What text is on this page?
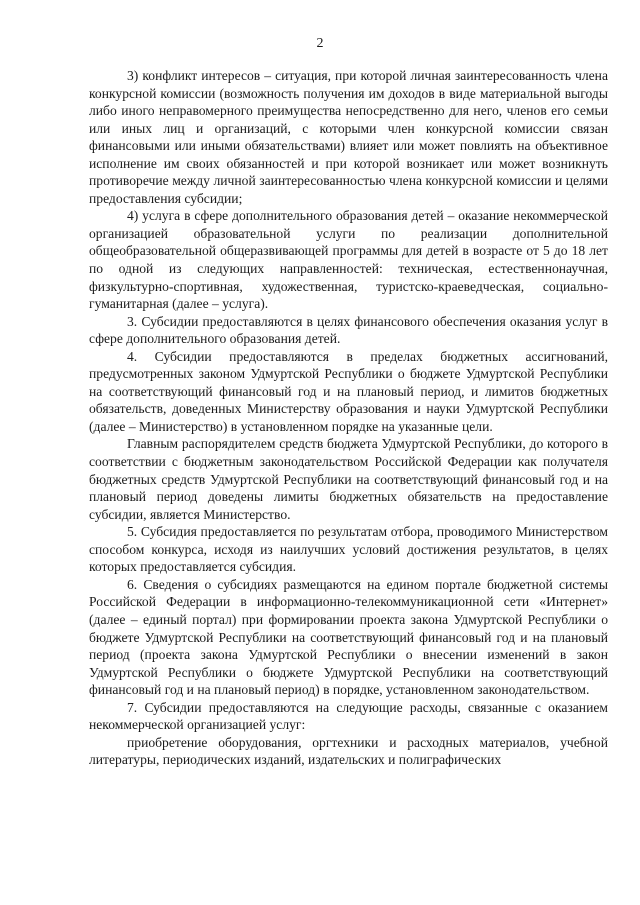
2

3) конфликт интересов – ситуация, при которой личная заинтересованность члена конкурсной комиссии (возможность получения им доходов в виде материальной выгоды либо иного неправомерного преимущества непосредственно для него, членов его семьи или иных лиц и организаций, с которыми член конкурсной комиссии связан финансовыми или иными обязательствами) влияет или может повлиять на объективное исполнение им своих обязанностей и при которой возникает или может возникнуть противоречие между личной заинтересованностью члена конкурсной комиссии и целями предоставления субсидии;

4) услуга в сфере дополнительного образования детей – оказание некоммерческой организацией образовательной услуги по реализации дополнительной общеобразовательной общеразвивающей программы для детей в возрасте от 5 до 18 лет по одной из следующих направленностей: техническая, естественнонаучная, физкультурно-спортивная, художественная, туристско-краеведческая, социально-гуманитарная (далее – услуга).

3. Субсидии предоставляются в целях финансового обеспечения оказания услуг в сфере дополнительного образования детей.

4. Субсидии предоставляются в пределах бюджетных ассигнований, предусмотренных законом Удмуртской Республики о бюджете Удмуртской Республики на соответствующий финансовый год и на плановый период, и лимитов бюджетных обязательств, доведенных Министерству образования и науки Удмуртской Республики (далее – Министерство) в установленном порядке на указанные цели.

Главным распорядителем средств бюджета Удмуртской Республики, до которого в соответствии с бюджетным законодательством Российской Федерации как получателя бюджетных средств Удмуртской Республики на соответствующий финансовый год и на плановый период доведены лимиты бюджетных обязательств на предоставление субсидии, является Министерство.

5. Субсидия предоставляется по результатам отбора, проводимого Министерством способом конкурса, исходя из наилучших условий достижения результатов, в целях которых предоставляется субсидия.

6. Сведения о субсидиях размещаются на едином портале бюджетной системы Российской Федерации в информационно-телекоммуникационной сети «Интернет» (далее – единый портал) при формировании проекта закона Удмуртской Республики о бюджете Удмуртской Республики на соответствующий финансовый год и на плановый период (проекта закона Удмуртской Республики о внесении изменений в закон Удмуртской Республики о бюджете Удмуртской Республики на соответствующий финансовый год и на плановый период) в порядке, установленном законодательством.

7. Субсидии предоставляются на следующие расходы, связанные с оказанием некоммерческой организацией услуг:

приобретение оборудования, оргтехники и расходных материалов, учебной литературы, периодических изданий, издательских и полиграфических
